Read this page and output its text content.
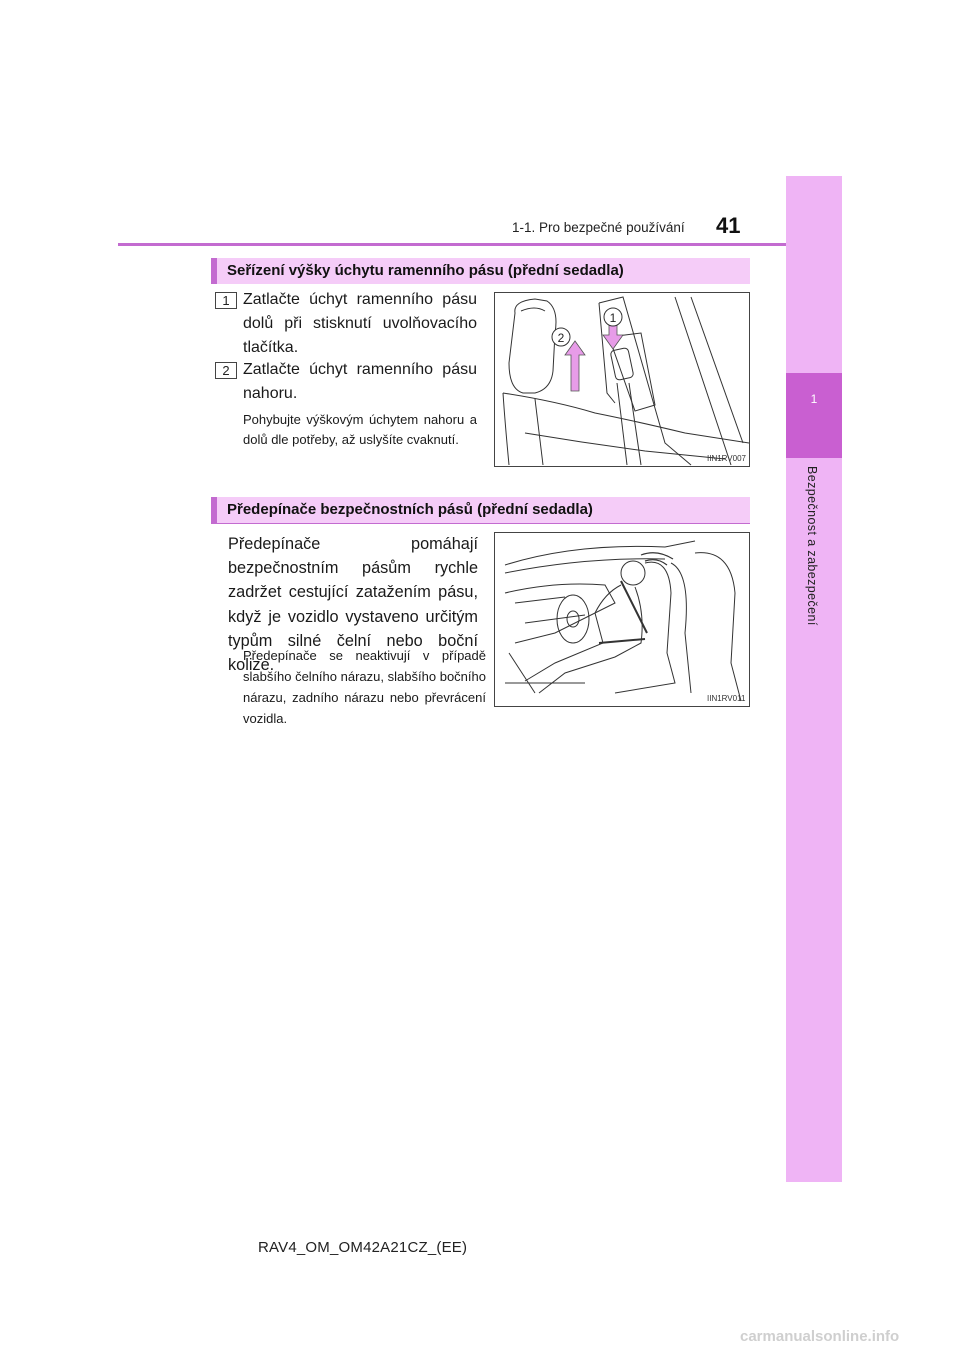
1
Bezpečnost a zabezpečení
1-1. Pro bezpečné používání 41
Seřízení výšky úchytu ramenního pásu (přední sedadla)
1 Zatlačte úchyt ramenního pásu dolů při stisknutí uvolňovacího tlačítka.
2 Zatlačte úchyt ramenního pásu nahoru.
Pohybujte výškovým úchytem nahoru a dolů dle potřeby, až uslyšíte cvaknutí.
2
1
IIN1RV007
Předepínače bezpečnostních pásů (přední sedadla)
Předepínače pomáhají bezpečnostním pásům rychle zadržet cestující zatažením pásu, když je vozidlo vystaveno určitým typům silné čelní nebo boční kolize.
Předepínače se neaktivují v případě slabšího čelního nárazu, slabšího bočního nárazu, zadního nárazu nebo převrácení vozidla.
IIN1RV011
RAV4_OM_OM42A21CZ_(EE)
carmanualsonline.info
